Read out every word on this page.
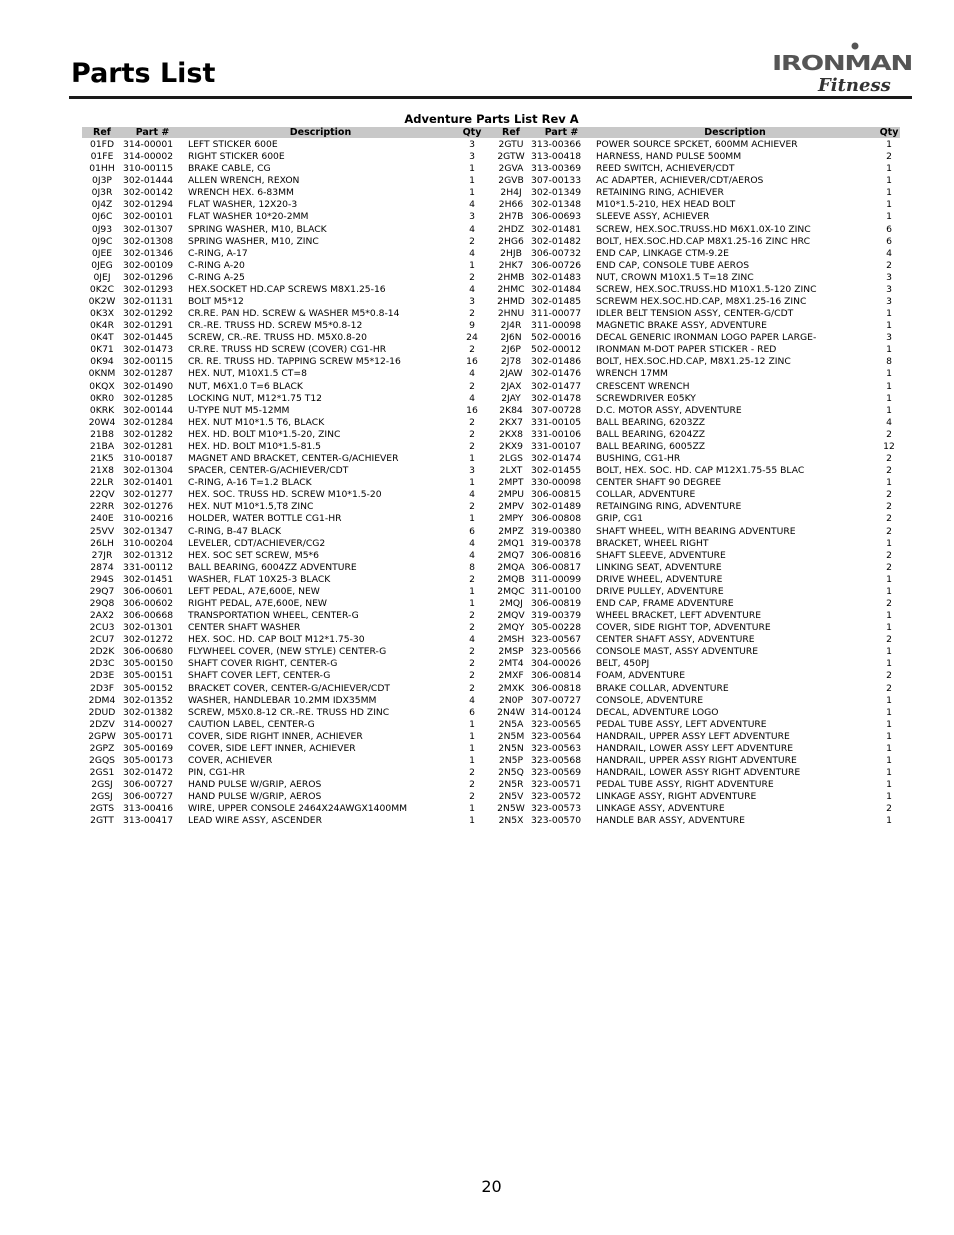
Parts List	IRONMAN
Fitness
Adventure Parts List Rev A
Ref	Part #	Description	Qty	Ref	Part #	Description	Qty
01FD 314-00001	LEFT STICKER 600E	3	2GTU 313-00366	POWER SOURCE SPCKET, 600MM ACHIEVER	1
01FE	314-00002	RIGHT STICKER 600E	3	2GTW 313-00418	HARNESS, HAND PULSE 500MM	2
01HH 310-00115	BRAKE CABLE, CG	1	2GVA 313-00369	REED SWITCH, ACHIEVER/CDT	1
0J3P	302-01444	ALLEN WRENCH, REXON	1	2GVB 307-00133	AC ADAPTER, ACHIEVER/CDT/AEROS	1
0J3R	302-00142	WRENCH HEX. 6-83MM	1	2H4J	302-01349	RETAINING RING, ACHIEVER	1
0J4Z	302-01294	FLAT WASHER, 12X20-3	4	2H66 302-01348	M10*1.5-210, HEX HEAD BOLT	1
0J6C	302-00101	FLAT WASHER 10*20-2MM	3	2H7B 306-00693	SLEEVE ASSY, ACHIEVER	1
0J93	302-01307	SPRING WASHER, M10, BLACK	4	2HDZ 302-01481	SCREW, HEX.SOC.TRUSS.HD M6X1.0X-10 ZINC	6
0J9C	302-01308	SPRING WASHER, M10, ZINC	2	2HG6 302-01482	BOLT, HEX.SOC.HD.CAP M8X1.25-16 ZINC HRC	6
0JEE	302-01346	C-RING, A-17	4	2HJB 306-00732	END CAP, LINKAGE CTM-9.2E	4
0JEG	302-00109	C-RING A-20	1	2HK7 306-00726	END CAP, CONSOLE TUBE AEROS	2
0JEJ	302-01296	C-RING A-25	2	2HMB 302-01483	NUT, CROWN M10X1.5 T=18 ZINC	3
0K2C 302-01293	HEX.SOCKET HD.CAP SCREWS M8X1.25-16	4	2HMC 302-01484	SCREW, HEX.SOC.TRUSS.HD M10X1.5-120 ZINC	3
0K2W 302-01131	BOLT M5*12	3	2HMD 302-01485	SCREWM HEX.SOC.HD.CAP, M8X1.25-16 ZINC	3
0K3X 302-01292	CR.RE. PAN HD. SCREW & WASHER M5*0.8-14	2	2HNU 311-00077	IDLER BELT TENSION ASSY, CENTER-G/CDT	1
0K4R 302-01291	CR.-RE. TRUSS HD. SCREW M5*0.8-12	9	2J4R	311-00098	MAGNETIC BRAKE ASSY, ADVENTURE	1
0K4T	302-01445	SCREW, CR.-RE. TRUSS HD. M5X0.8-20	24	2J6N	502-00016	DECAL GENERIC IRONMAN LOGO PAPER LARGE-	3
0K71	302-01473	CR.RE. TRUSS HD SCREW (COVER) CG1-HR	2	2J6P	502-00012	IRONMAN M-DOT PAPER STICKER - RED	1
0K94	302-00115	CR. RE. TRUSS HD. TAPPING SCREW M5*12-16	16	2J78	302-01486	BOLT, HEX.SOC.HD.CAP, M8X1.25-12 ZINC	8
0KNM 302-01287	HEX. NUT, M10X1.5 CT=8	4	2JAW 302-01476	WRENCH 17MM	1
0KQX 302-01490	NUT, M6X1.0 T=6 BLACK	2	2JAX	302-01477	CRESCENT WRENCH	1
0KR0 302-01285	LOCKING NUT, M12*1.75 T12	4	2JAY	302-01478	SCREWDRIVER E05KY	1
0KRK 302-00144	U-TYPE NUT M5-12MM	16	2K84 307-00728	D.C. MOTOR ASSY, ADVENTURE	1
20W4 302-01284	HEX. NUT M10*1.5 T6, BLACK	2	2KX7 331-00105	BALL BEARING, 6203ZZ	4
21B8 302-01282	HEX. HD. BOLT M10*1.5-20, ZINC	2	2KX8 331-00106	BALL BEARING, 6204ZZ	2
21BA 302-01281	HEX. HD. BOLT M10*1.5-81.5	2	2KX9 331-00107	BALL BEARING, 6005ZZ	12
21K5	310-00187	MAGNET AND BRACKET, CENTER-G/ACHIEVER	1	2LGS 302-01474	BUSHING, CG1-HR	2
21X8 302-01304	SPACER, CENTER-G/ACHIEVER/CDT	3	2LXT 302-01455	BOLT, HEX. SOC. HD. CAP M12X1.75-55 BLAC	2
22LR	302-01401	C-RING, A-16 T=1.2 BLACK	1	2MPT 330-00098	CENTER SHAFT 90 DEGREE	1
22QV 302-01277	HEX. SOC. TRUSS HD. SCREW M10*1.5-20	4	2MPU 306-00815	COLLAR, ADVENTURE	2
22RR 302-01276	HEX. NUT M10*1.5,T8 ZINC	2	2MPV 302-01489	RETAINGING RING, ADVENTURE	2
240E	310-00216	HOLDER, WATER BOTTLE CG1-HR	1	2MPY 306-00808	GRIP, CG1	2
25VV 302-01347	C-RING, B-47 BLACK	6	2MPZ 319-00380	SHAFT WHEEL, WITH BEARING ADVENTURE	2
26LH 310-00204	LEVELER, CDT/ACHIEVER/CG2	4	2MQ1 319-00378	BRACKET, WHEEL RIGHT	1
27JR	302-01312	HEX. SOC SET SCREW, M5*6	4	2MQ7 306-00816	SHAFT SLEEVE, ADVENTURE	2
2874	331-00112	BALL BEARING, 6004ZZ ADVENTURE	8	2MQA 306-00817	LINKING SEAT, ADVENTURE	2
294S	302-01451	WASHER, FLAT 10X25-3 BLACK	2	2MQB 311-00099	DRIVE WHEEL, ADVENTURE	1
29Q7 306-00601	LEFT PEDAL, A7E,600E, NEW	1	2MQC 311-00100	DRIVE PULLEY, ADVENTURE	1
29Q8 306-00602	RIGHT PEDAL, A7E,600E, NEW	1	2MQJ 306-00819	END CAP, FRAME ADVENTURE	2
2AX2 306-00668	TRANSPORTATION WHEEL, CENTER-G	2	2MQV 319-00379	WHEEL BRACKET, LEFT ADVENTURE	1
2CU3 302-01301	CENTER SHAFT WASHER	2	2MQY 305-00228	COVER, SIDE RIGHT TOP, ADVENTURE	1
2CU7 302-01272	HEX. SOC. HD. CAP BOLT M12*1.75-30	4	2MSH 323-00567	CENTER SHAFT ASSY, ADVENTURE	2
2D2K 306-00680	FLYWHEEL COVER, (NEW STYLE) CENTER-G	2	2MSP 323-00566	CONSOLE MAST, ASSY ADVENTURE	1
2D3C 305-00150	SHAFT COVER RIGHT, CENTER-G	2	2MT4 304-00026	BELT, 450PJ	1
2D3E 305-00151	SHAFT COVER LEFT, CENTER-G	2	2MXF 306-00814	FOAM, ADVENTURE	2
2D3F 305-00152	BRACKET COVER, CENTER-G/ACHIEVER/CDT	2	2MXK 306-00818	BRAKE COLLAR, ADVENTURE	2
2DM4 302-01352	WASHER, HANDLEBAR 10.2MM IDX35MM	4	2N0P 307-00727	CONSOLE, ADVENTURE	1
2DUD 302-01382	SCREW, M5X0.8-12 CR.-RE. TRUSS HD ZINC	6	2N4W 314-00124	DECAL, ADVENTURE LOGO	1
2DZV 314-00027	CAUTION LABEL, CENTER-G	1	2N5A 323-00565	PEDAL TUBE ASSY, LEFT ADVENTURE	1
2GPW 305-00171	COVER, SIDE RIGHT INNER, ACHIEVER	1	2N5M 323-00564	HANDRAIL, UPPER ASSY LEFT ADVENTURE	1
2GPZ 305-00169	COVER, SIDE LEFT INNER, ACHIEVER	1	2N5N 323-00563	HANDRAIL, LOWER ASSY LEFT ADVENTURE	1
2GQS 305-00173	COVER, ACHIEVER	1	2N5P 323-00568	HANDRAIL, UPPER ASSY RIGHT ADVENTURE	1
2GS1 302-01472	PIN, CG1-HR	2	2N5Q 323-00569	HANDRAIL, LOWER ASSY RIGHT ADVENTURE	1
2GSJ	306-00727	HAND PULSE W/GRIP, AEROS	2	2N5R 323-00571	PEDAL TUBE ASSY, RIGHT ADVENTURE	1
2GSJ	306-00727	HAND PULSE W/GRIP, AEROS	2	2N5V 323-00572	LINKAGE ASSY, RIGHT ADVENTURE	1
2GTS 313-00416	WIRE, UPPER CONSOLE 2464X24AWGX1400MM	1	2N5W 323-00573	LINKAGE ASSY, ADVENTURE	2
2GTT 313-00417	LEAD WIRE ASSY, ASCENDER	1	2N5X 323-00570	HANDLE BAR ASSY, ADVENTURE	1
20
